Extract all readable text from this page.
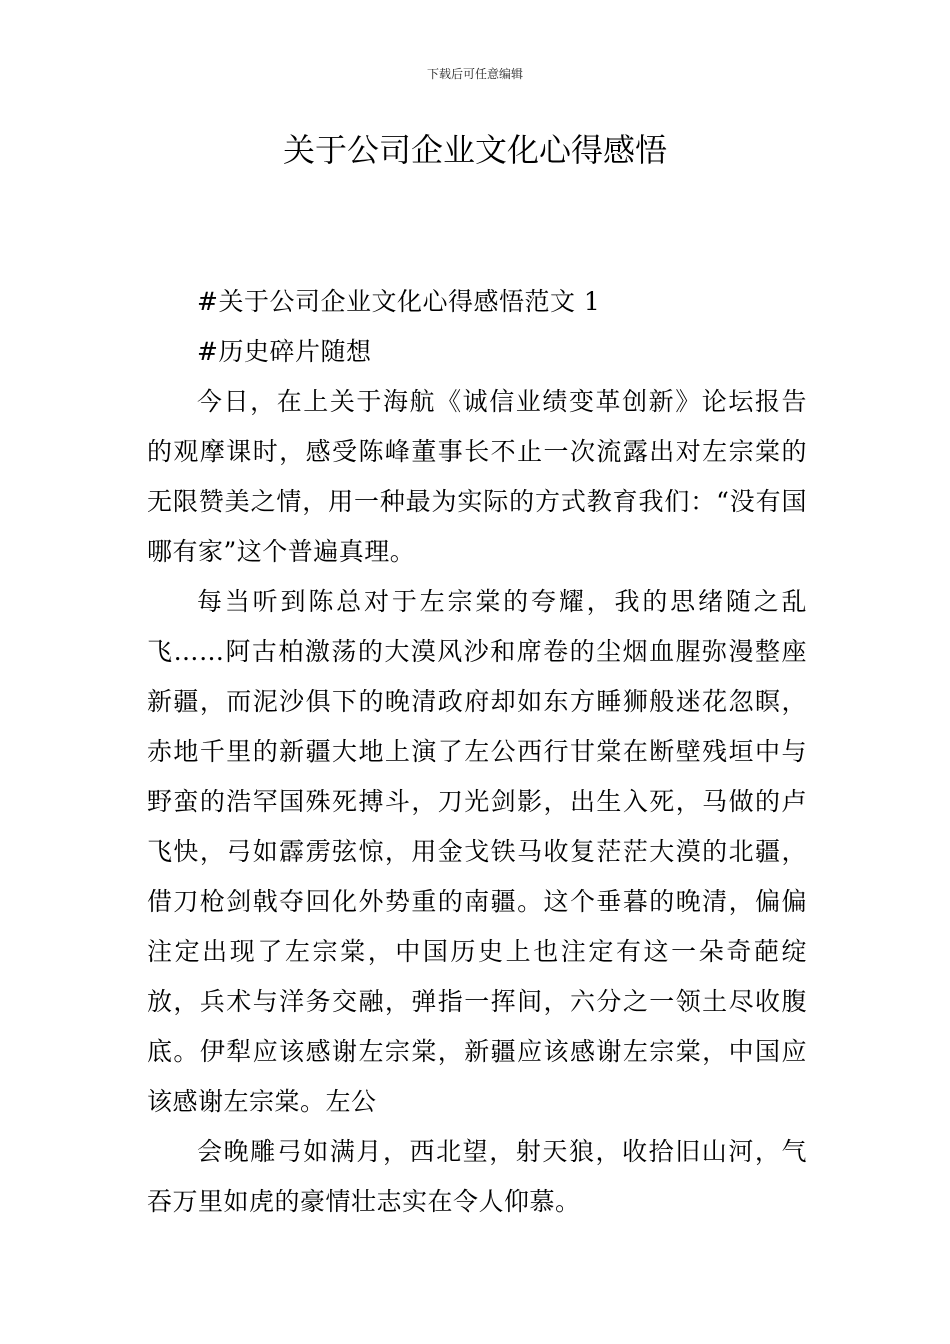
下载后可任意编辑
关于公司企业文化心得感悟

#关于公司企业文化心得感悟范文 1

#历史碎片随想

今日，在上关于海航《诚信业绩变革创新》论坛报告的观摩课时，感受陈峰董事长不止一次流露出对左宗棠的无限赞美之情，用一种最为实际的方式教育我们：“没有国哪有家”这个普遍真理。

每当听到陈总对于左宗棠的夸耀，我的思绪随之乱飞……阿古柏激荡的大漠风沙和席卷的尘烟血腥弥漫整座新疆，而泥沙俱下的晚清政府却如东方睡狮般迷花忽瞑，赤地千里的新疆大地上演了左公西行甘棠在断壁残垣中与野蛮的浩罕国殊死搏斗，刀光剑影，出生入死，马做的卢飞快，弓如霹雳弦惊，用金戈铁马收复茫茫大漠的北疆，借刀枪剑戟夺回化外势重的南疆。这个垂暮的晚清，偏偏注定出现了左宗棠，中国历史上也注定有这一朵奇葩绽放，兵术与洋务交融，弹指一挥间，六分之一领土尽收腹底。伊犁应该感谢左宗棠，新疆应该感谢左宗棠，中国应该感谢左宗棠。左公

会晚雕弓如满月，西北望，射天狼，收拾旧山河，气吞万里如虎的豪情壮志实在令人仰慕。
